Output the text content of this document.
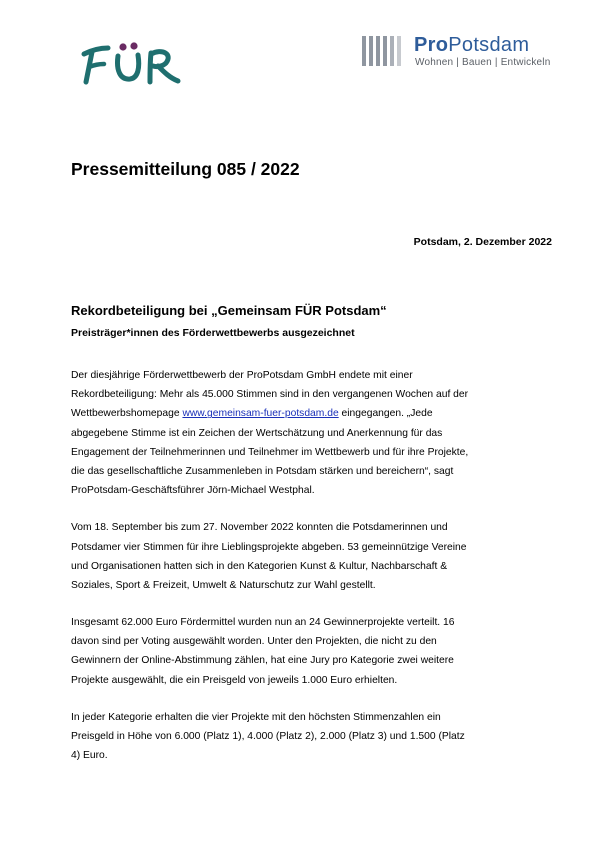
ProPotsdam
Wohnen | Bauen | Entwickeln
Pressemitteilung 085 / 2022
Potsdam, 2. Dezember 2022
Rekordbeteiligung bei „Gemeinsam FÜR Potsdam“
Preisträger*innen des Förderwettbewerbs ausgezeichnet
Der diesjährige Förderwettbewerb der ProPotsdam GmbH endete mit einer
Rekordbeteiligung: Mehr als 45.000 Stimmen sind in den vergangenen Wochen auf der
Wettbewerbshomepage www.gemeinsam-fuer-potsdam.de eingegangen. „Jede
abgegebene Stimme ist ein Zeichen der Wertschätzung und Anerkennung für das
Engagement der Teilnehmerinnen und Teilnehmer im Wettbewerb und für ihre Projekte,
die das gesellschaftliche Zusammenleben in Potsdam stärken und bereichern“, sagt
ProPotsdam-Geschäftsführer Jörn-Michael Westphal.
Vom 18. September bis zum 27. November 2022 konnten die Potsdamerinnen und
Potsdamer vier Stimmen für ihre Lieblingsprojekte abgeben. 53 gemeinnützige Vereine
und Organisationen hatten sich in den Kategorien Kunst & Kultur, Nachbarschaft &
Soziales, Sport & Freizeit, Umwelt & Naturschutz zur Wahl gestellt.
Insgesamt 62.000 Euro Fördermittel wurden nun an 24 Gewinnerprojekte verteilt. 16
davon sind per Voting ausgewählt worden. Unter den Projekten, die nicht zu den
Gewinnern der Online-Abstimmung zählen, hat eine Jury pro Kategorie zwei weitere
Projekte ausgewählt, die ein Preisgeld von jeweils 1.000 Euro erhielten.
In jeder Kategorie erhalten die vier Projekte mit den höchsten Stimmenzahlen ein
Preisgeld in Höhe von 6.000 (Platz 1), 4.000 (Platz 2), 2.000 (Platz 3) und 1.500 (Platz
4) Euro.
